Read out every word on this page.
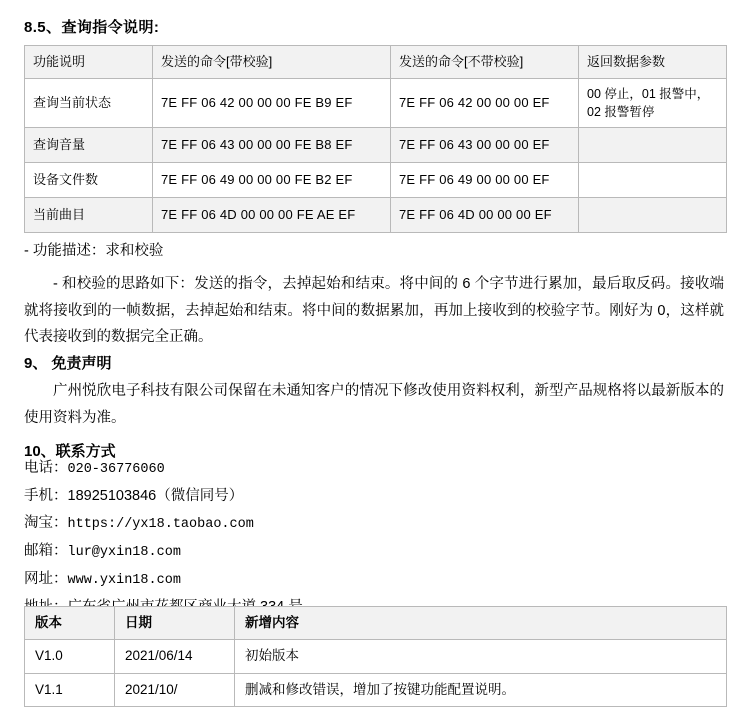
8.5、查询指令说明:
功能说明	发送的命令[带校验]	发送的命令[不带校验]	返回数据参数
查询当前状态	7E FF 06 42 00 00 00 FE B9 EF	7E FF 06 42 00 00 00 EF	00 停止，01 报警中，
02 报警暂停
查询音量	7E FF 06 43 00 00 00 FE B8 EF	7E FF 06 43 00 00 00 EF	
设备文件数	7E FF 06 49 00 00 00 FE B2 EF	7E FF 06 49 00 00 00 EF	
当前曲目	7E FF 06 4D 00 00 00 FE AE EF	7E FF 06 4D 00 00 00 EF	

- 功能描述：求和校验

- 和校验的思路如下：发送的指令，去掉起始和结束。将中间的 6 个字节进行累加，最后取反码。接收端就将接收到的一帧数据，去掉起始和结束。将中间的数据累加，再加上接收到的校验字节。刚好为 0，这样就代表接收到的数据完全正确。

9、 免责声明

广州悦欣电子科技有限公司保留在未通知客户的情况下修改使用资料权利，新型产品规格将以最新版本的使用资料为准。

10、联系方式
电话：020-36776060
手机：18925103846（微信同号）
淘宝：https://yx18.taobao.com
邮箱：lur@yxin18.com
网址：www.yxin18.com
版本	日期	新增内容
V1.0	2021/06/14	初始版本
V1.1	2021/10/	删减和修改错误，增加了按键功能配置说明。
